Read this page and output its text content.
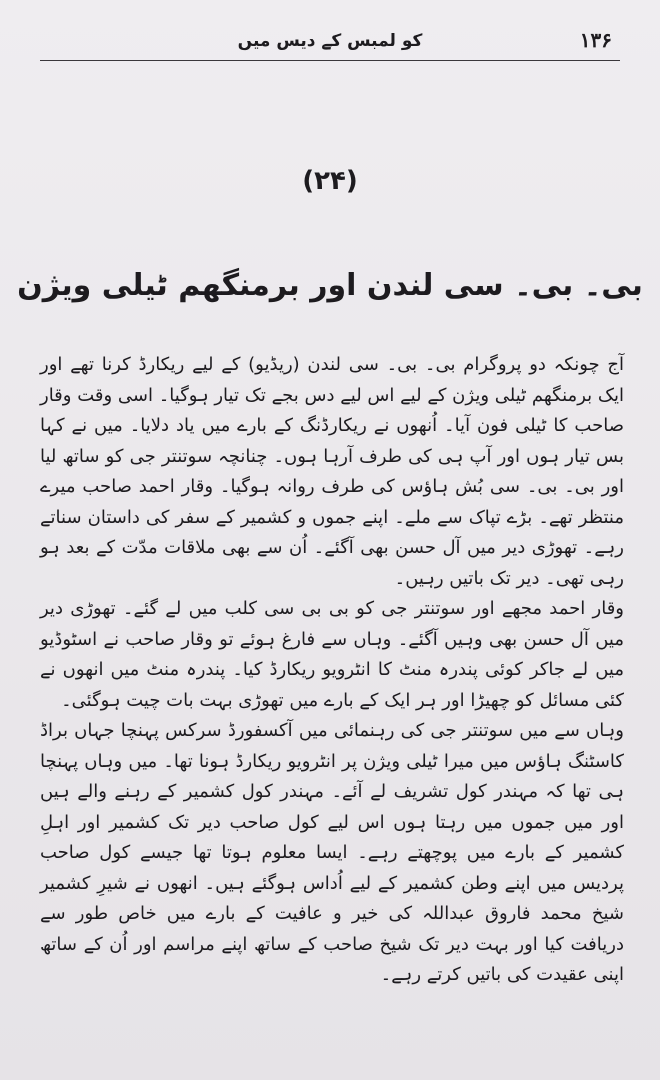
۱۳۶
کو لمبس کے دیس میں
(۲۴)
بی۔ بی۔ سی لندن اور برمنگھم ٹیلی ویژن

آج چونکہ دو پروگرام بی۔ بی۔ سی لندن (ریڈیو) کے لیے ریکارڈ کرنا تھے اور ایک برمنگھم ٹیلی ویژن کے لیے اس لیے دس بجے تک تیار ہوگیا۔ اسی وقت وقار صاحب کا ٹیلی فون آیا۔ اُنھوں نے ریکارڈنگ کے بارے میں یاد دلایا۔ میں نے کہا بس تیار ہوں اور آپ ہی کی طرف آرہا ہوں۔ چنانچہ سوتنتر جی کو ساتھ لیا اور بی۔ بی۔ سی بُش ہاؤس کی طرف روانہ ہوگیا۔ وقار احمد صاحب میرے منتظر تھے۔ بڑے تپاک سے ملے۔ اپنے جموں و کشمیر کے سفر کی داستان سناتے رہے۔ تھوڑی دیر میں آل حسن بھی آگئے۔ اُن سے بھی ملاقات مدّت کے بعد ہو رہی تھی۔ دیر تک باتیں رہیں۔

وقار احمد مجھے اور سوتنتر جی کو بی بی سی کلب میں لے گئے۔ تھوڑی دیر میں آل حسن بھی وہیں آگئے۔ وہاں سے فارغ ہوئے تو وقار صاحب نے اسٹوڈیو میں لے جاکر کوئی پندرہ منٹ کا انٹرویو ریکارڈ کیا۔ پندرہ منٹ میں انھوں نے کئی مسائل کو چھیڑا اور ہر ایک کے بارے میں تھوڑی بہت بات چیت ہوگئی۔

وہاں سے میں سوتنتر جی کی رہنمائی میں آکسفورڈ سرکس پہنچا جہاں براڈ کاسٹنگ ہاؤس میں میرا ٹیلی ویژن پر انٹرویو ریکارڈ ہونا تھا۔ میں وہاں پہنچا ہی تھا کہ مہندر کول تشریف لے آئے۔ مہندر کول کشمیر کے رہنے والے ہیں اور میں جموں میں رہتا ہوں اس لیے کول صاحب دیر تک کشمیر اور اہلِ کشمیر کے بارے میں پوچھتے رہے۔ ایسا معلوم ہوتا تھا جیسے کول صاحب پردیس میں اپنے وطن کشمیر کے لیے اُداس ہوگئے ہیں۔ انھوں نے شیرِ کشمیر شیخ محمد فاروق عبداللہ کی خیر و عافیت کے بارے میں خاص طور سے دریافت کیا اور بہت دیر تک شیخ صاحب کے ساتھ اپنے مراسم اور اُن کے ساتھ اپنی عقیدت کی باتیں کرتے رہے۔
